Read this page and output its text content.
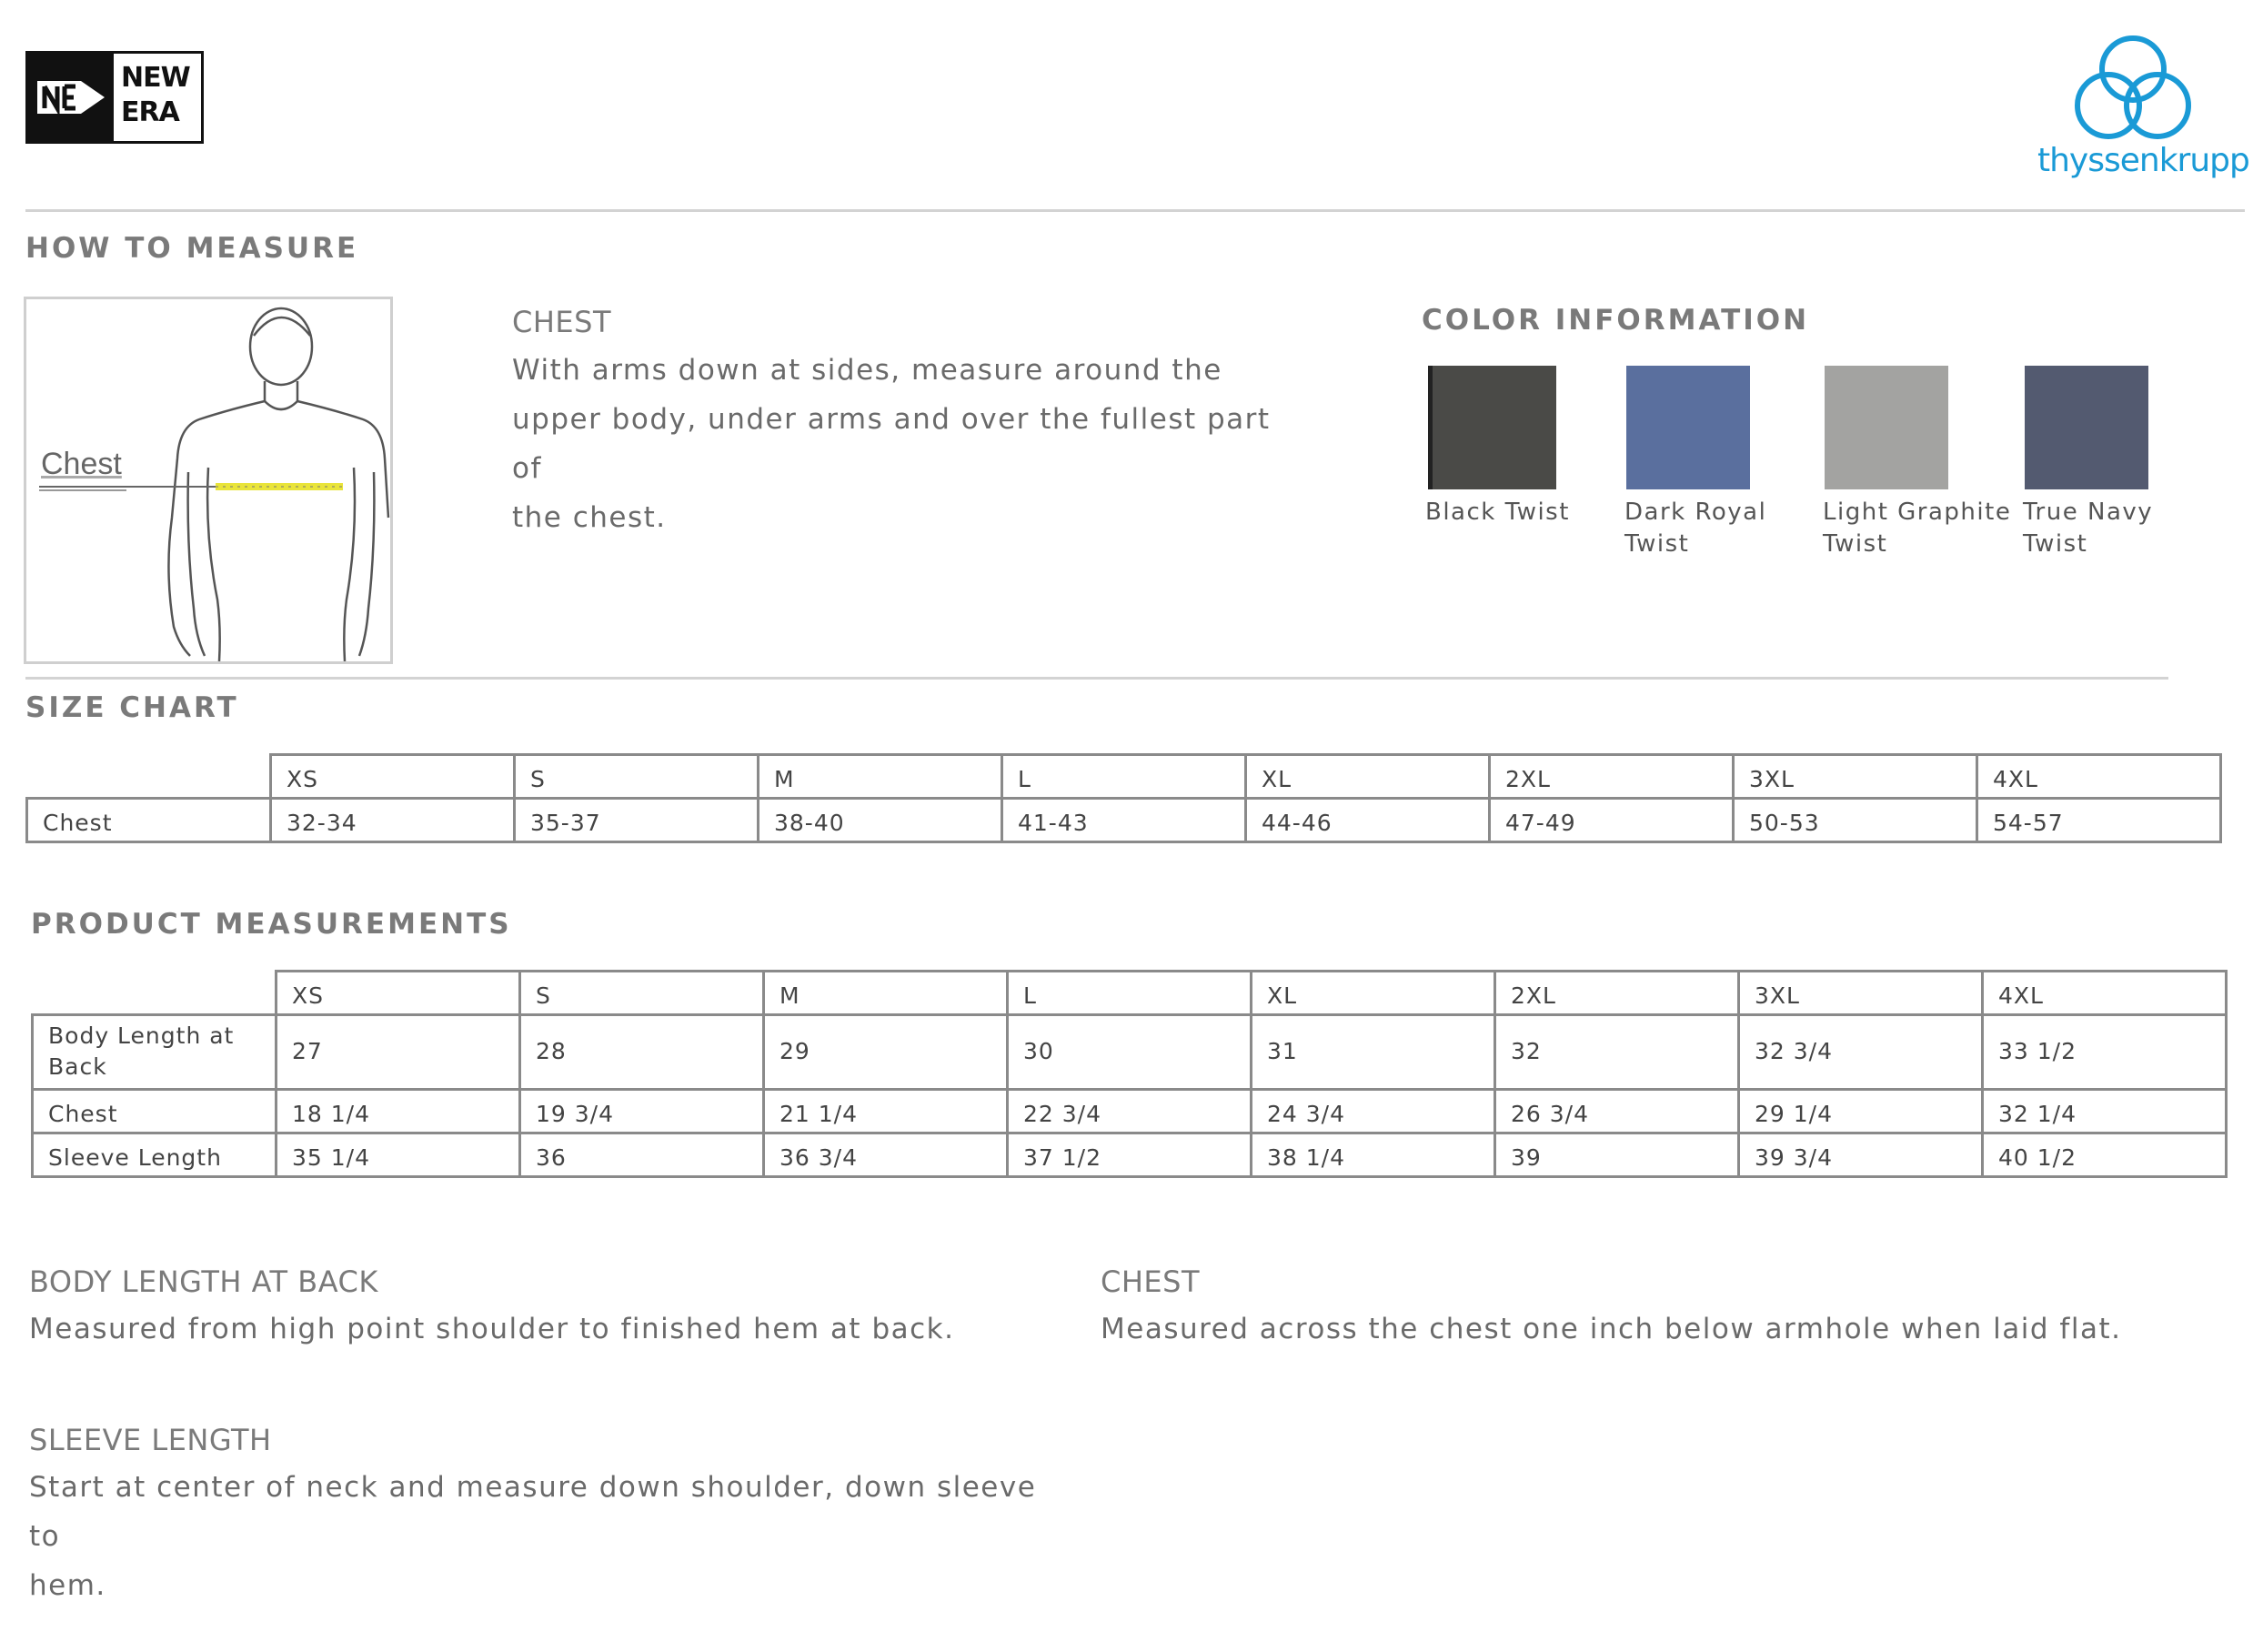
NEW
ERA
thyssenkrupp
HOW TO MEASURE
Chest
CHEST
With arms down at sides, measure around the
upper body, under arms and over the fullest part of
the chest.
COLOR INFORMATION
Black Twist	Dark Royal
Twist
Light Graphite
Twist
True Navy
Twist
SIZE CHART
	XS	S	M	L	XL	2XL	3XL	4XL
Chest	32-34	35-37	38-40	41-43	44-46	47-49	50-53	54-57
PRODUCT MEASUREMENTS
	XS	S	M	L	XL	2XL	3XL	4XL
Body Length at Back	27	28	29	30	31	32	32 3/4	33 1/2
Chest	18 1/4	19 3/4	21 1/4	22 3/4	24 3/4	26 3/4	29 1/4	32 1/4
Sleeve Length	35 1/4	36	36 3/4	37 1/2	38 1/4	39	39 3/4	40 1/2
BODY LENGTH AT BACK
Measured from high point shoulder to finished hem at back.
CHEST
Measured across the chest one inch below armhole when laid flat.
SLEEVE LENGTH
Start at center of neck and measure down shoulder, down sleeve to
hem.
